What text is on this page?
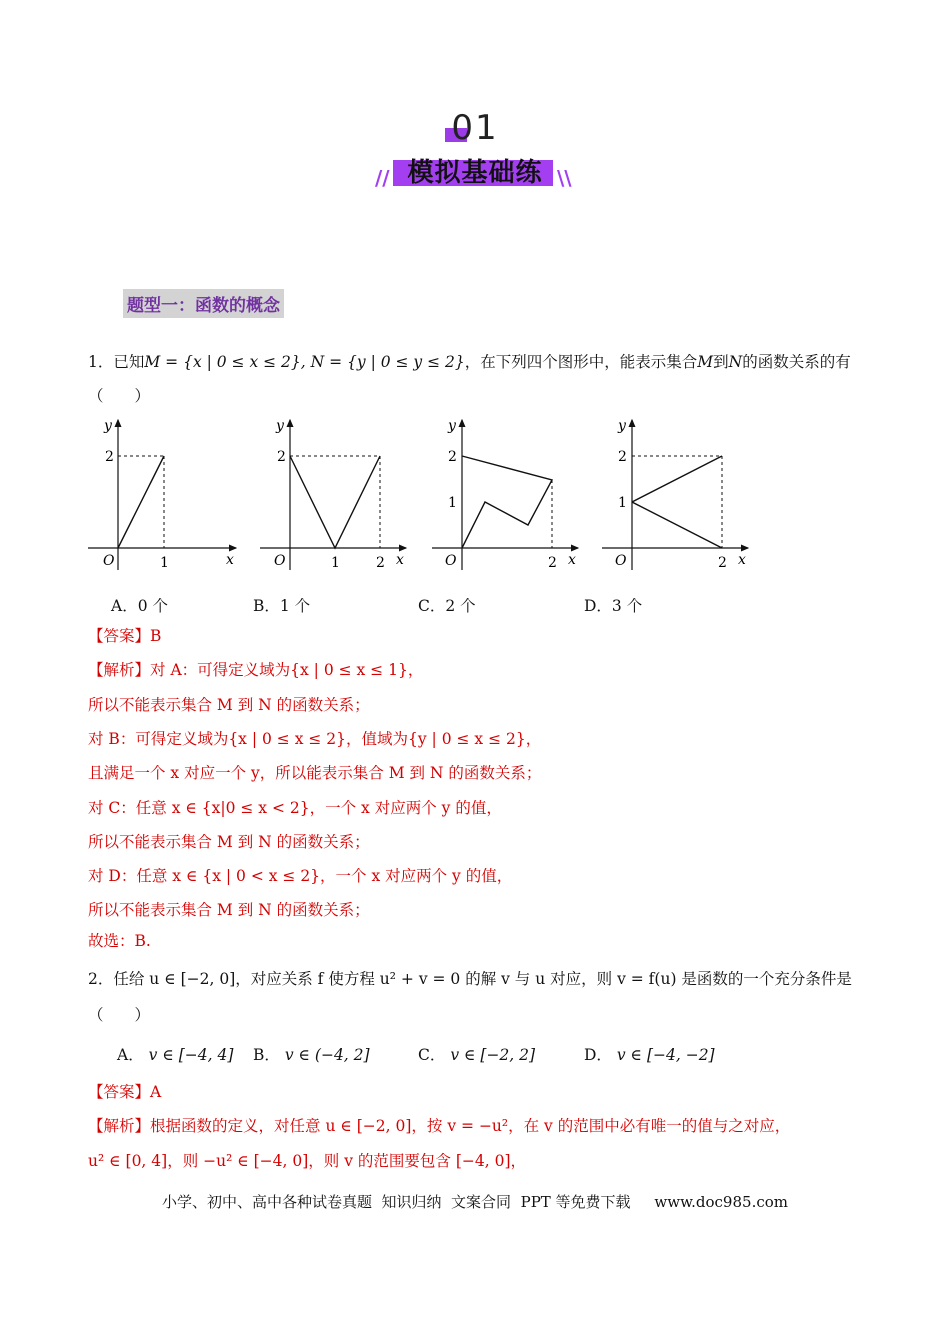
01
模拟基础练
//	\\
题型一：函数的概念
1．已知M = {x | 0 ≤ x ≤ 2}, N = {y | 0 ≤ y ≤ 2}，在下列四个图形中，能表示集合M到N的函数关系的有
（　　）
y
x
O
2
1
y
x
O
2
1	2
y
x
O
2
1
2
y
x
O
2
1
2
A．0 个	B．1 个	C．2 个	D．3 个
【答案】B
【解析】对 A：可得定义域为{x | 0 ≤ x ≤ 1}，
所以不能表示集合 M 到 N 的函数关系；
对 B：可得定义域为{x | 0 ≤ x ≤ 2}，值域为{y | 0 ≤ x ≤ 2}，
且满足一个 x 对应一个 y，所以能表示集合 M 到 N 的函数关系；
对 C：任意 x ∈ {x|0 ≤ x < 2}，一个 x 对应两个 y 的值，
所以不能表示集合 M 到 N 的函数关系；
对 D：任意 x ∈ {x | 0 < x ≤ 2}，一个 x 对应两个 y 的值，
所以不能表示集合 M 到 N 的函数关系；
故选：B.
2．任给 u ∈ [−2, 0]，对应关系 f 使方程 u² + v = 0 的解 v 与 u 对应，则 v = f(u) 是函数的一个充分条件是
（　　）
A． v ∈ [−4, 4] B． v ∈ (−4, 2]	C． v ∈ [−2, 2]	D． v ∈ [−4, −2]
【答案】A
【解析】根据函数的定义，对任意 u ∈ [−2, 0]，按 v = −u²，在 v 的范围中必有唯一的值与之对应，
u² ∈ [0, 4]，则 −u² ∈ [−4, 0]，则 v 的范围要包含 [−4, 0]，
小学、初中、高中各种试卷真题  知识归纳  文案合同  PPT 等免费下载     www.doc985.com
